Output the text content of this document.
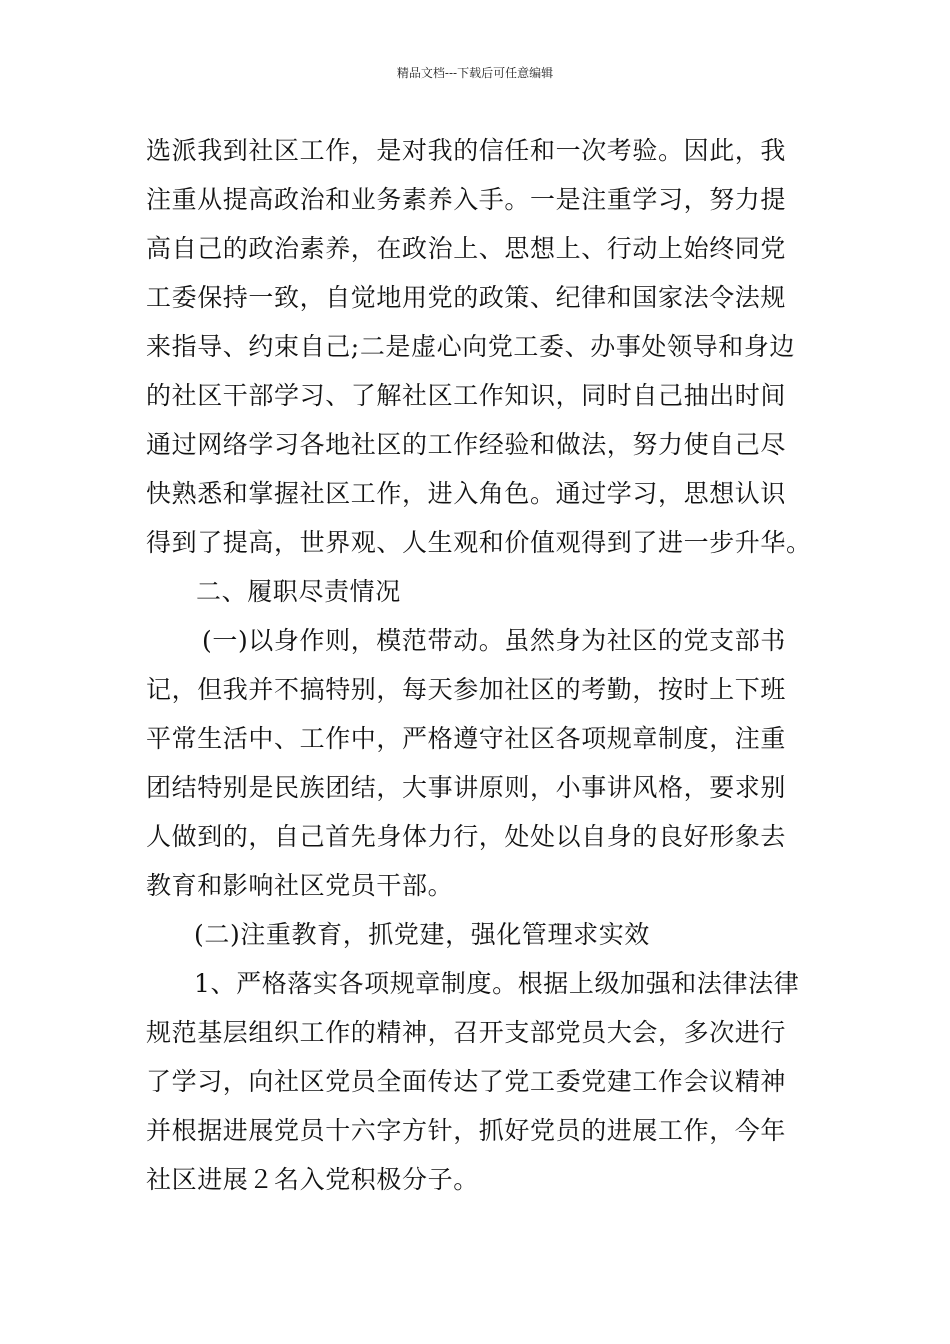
精品文档---下载后可任意编辑
选派我到社区工作，是对我的信任和一次考验。因此，我
注重从提高政治和业务素养入手。一是注重学习，努力提
高自己的政治素养，在政治上、思想上、行动上始终同党
工委保持一致，自觉地用党的政策、纪律和国家法令法规
来指导、约束自己;二是虚心向党工委、办事处领导和身边
的社区干部学习、了解社区工作知识，同时自己抽出时间
通过网络学习各地社区的工作经验和做法，努力使自己尽
快熟悉和掌握社区工作，进入角色。通过学习，思想认识
得到了提高，世界观、人生观和价值观得到了进一步升华。
二、履职尽责情况
(一)以身作则，模范带动。虽然身为社区的党支部书
记，但我并不搞特别，每天参加社区的考勤，按时上下班
平常生活中、工作中，严格遵守社区各项规章制度，注重
团结特别是民族团结，大事讲原则，小事讲风格，要求别
人做到的，自己首先身体力行，处处以自身的良好形象去
教育和影响社区党员干部。
(二)注重教育，抓党建，强化管理求实效
1、严格落实各项规章制度。根据上级加强和法律法律
规范基层组织工作的精神，召开支部党员大会，多次进行
了学习，向社区党员全面传达了党工委党建工作会议精神
并根据进展党员十六字方针，抓好党员的进展工作，今年
社区进展２名入党积极分子。
